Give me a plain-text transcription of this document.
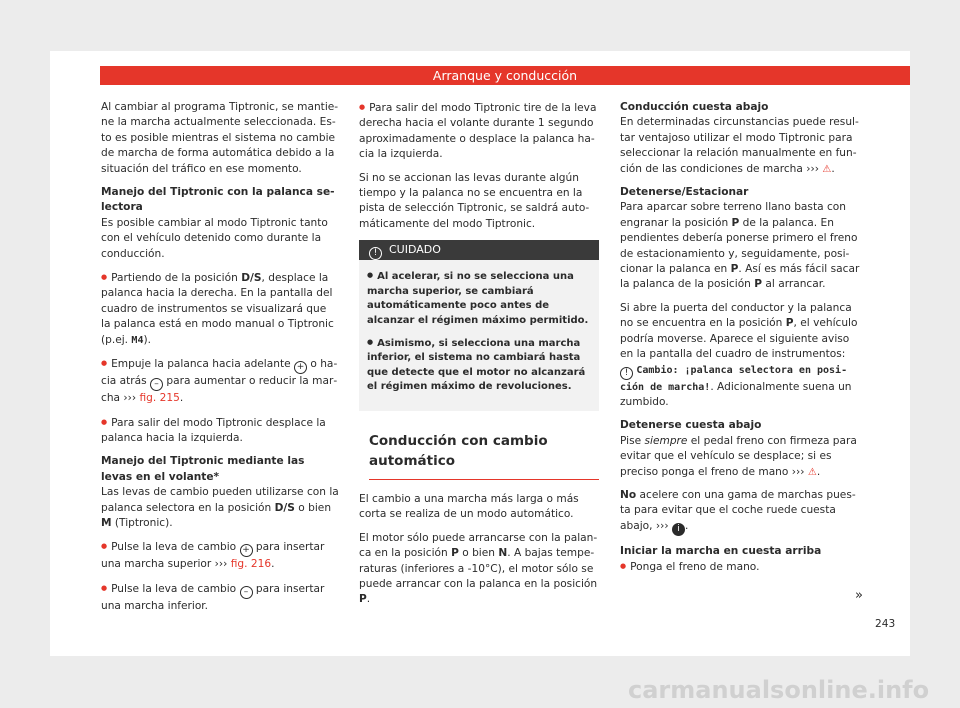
Arranque y conducción

Al cambiar al programa Tiptronic, se mantiene la marcha actualmente seleccionada. Esto es posible mientras el sistema no cambie de marcha de forma automática debido a la situación del tráfico en ese momento.

Manejo del Tiptronic con la palanca selectora

Es posible cambiar al modo Tiptronic tanto con el vehículo detenido como durante la conducción.

● Partiendo de la posición D/S, desplace la palanca hacia la derecha. En la pantalla del cuadro de instrumentos se visualizará que la palanca está en modo manual o Tiptronic (p.ej. M4).

● Empuje la palanca hacia adelante + o hacia atrás – para aumentar o reducir la marcha ››› fig. 215.

● Para salir del modo Tiptronic desplace la palanca hacia la izquierda.

Manejo del Tiptronic mediante las levas en el volante*

Las levas de cambio pueden utilizarse con la palanca selectora en la posición D/S o bien M (Tiptronic).

● Pulse la leva de cambio + para insertar una marcha superior ››› fig. 216.

● Pulse la leva de cambio – para insertar una marcha inferior.

● Para salir del modo Tiptronic tire de la leva derecha hacia el volante durante 1 segundo aproximadamente o desplace la palanca hacia la izquierda.

Si no se accionan las levas durante algún tiempo y la palanca no se encuentra en la pista de selección Tiptronic, se saldrá automáticamente del modo Tiptronic.

! CUIDADO

● Al acelerar, si no se selecciona una marcha superior, se cambiará automáticamente poco antes de alcanzar el régimen máximo permitido.

● Asimismo, si selecciona una marcha inferior, el sistema no cambiará hasta que detecte que el motor no alcanzará el régimen máximo de revoluciones.

Conducción con cambio automático

El cambio a una marcha más larga o más corta se realiza de un modo automático.

El motor sólo puede arrancarse con la palanca en la posición P o bien N. A bajas temperaturas (inferiores a -10°C), el motor sólo se puede arrancar con la palanca en la posición P.

Conducción cuesta abajo

En determinadas circunstancias puede resultar ventajoso utilizar el modo Tiptronic para seleccionar la relación manualmente en función de las condiciones de marcha ››› ⚠.

Detenerse/Estacionar

Para aparcar sobre terreno llano basta con engranar la posición P de la palanca. En pendientes debería ponerse primero el freno de estacionamiento y, seguidamente, posicionar la palanca en P. Así es más fácil sacar la palanca de la posición P al arrancar.

Si abre la puerta del conductor y la palanca no se encuentra en la posición P, el vehículo podría moverse. Aparece el siguiente aviso en la pantalla del cuadro de instrumentos: ! Cambio: ¡palanca selectora en posición de marcha!. Adicionalmente suena un zumbido.

Detenerse cuesta abajo

Pise siempre el pedal freno con firmeza para evitar que el vehículo se desplace; si es preciso ponga el freno de mano ››› ⚠.

No acelere con una gama de marchas puesta para evitar que el coche ruede cuesta abajo, ››› i .

Iniciar la marcha en cuesta arriba

● Ponga el freno de mano.

»
243
carmanualsonline.info
